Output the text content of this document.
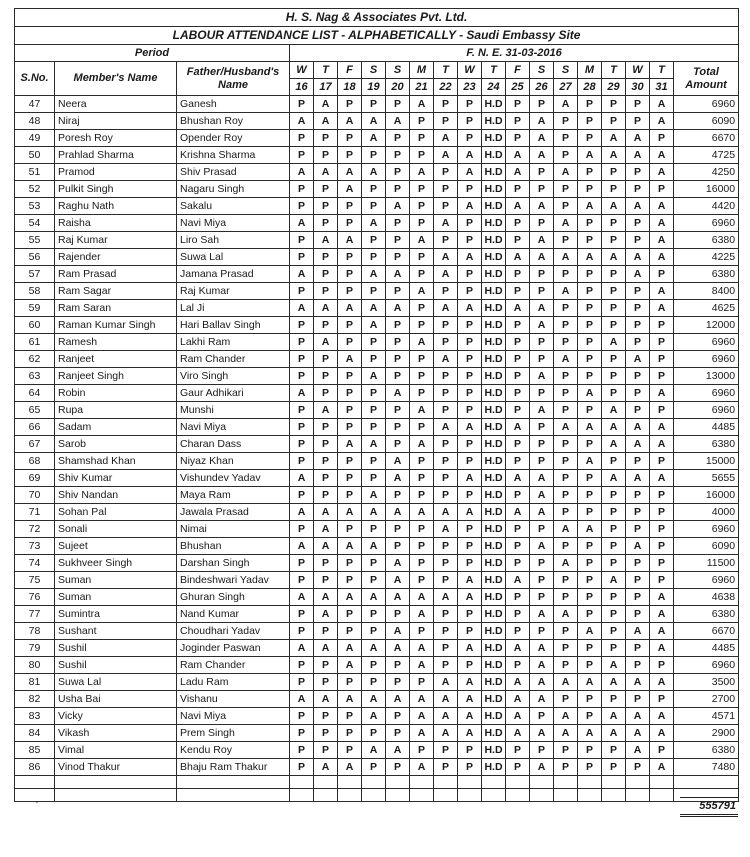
H. S. Nag & Associates Pvt. Ltd.																			
LABOUR ATTENDANCE LIST - ALPHABETICALLY - Saudi Embassy Site																			
Period			F. N. E. 31-03-2016																
S.No.	Member's Name	Father/Husband's Name	W	T	F	S	S	M	T	W	T	F	S	S	M	T	W	T	Total Amount
			16	17	18	19	20	21	22	23	24	25	26	27	28	29	30	31	
47	Neera	Ganesh	P	A	P	P	P	A	P	P	H.D	P	P	A	P	P	P	A	6960
48	Niraj	Bhushan Roy	A	A	A	A	A	P	P	P	H.D	P	A	P	P	P	P	A	6090
49	Poresh Roy	Opender Roy	P	P	P	A	P	P	A	P	H.D	P	A	P	P	A	A	P	6670
50	Prahlad Sharma	Krishna Sharma	P	P	P	P	P	P	A	A	H.D	A	A	P	A	A	A	A	4725
51	Pramod	Shiv Prasad	A	A	A	A	P	A	P	A	H.D	A	P	A	P	P	P	A	4250
52	Pulkit Singh	Nagaru Singh	P	P	A	P	P	P	P	P	H.D	P	P	P	P	P	P	P	16000
53	Raghu Nath	Sakalu	P	P	P	P	A	P	P	A	H.D	A	A	P	A	A	A	A	4420
54	Raisha	Navi Miya	A	P	P	A	P	P	A	P	H.D	P	P	A	P	P	P	A	6960
55	Raj Kumar	Liro Sah	P	A	A	P	P	A	P	P	H.D	P	A	P	P	P	P	A	6380
56	Rajender	Suwa Lal	P	P	P	P	P	P	A	A	H.D	A	A	A	A	A	A	A	4225
57	Ram Prasad	Jamana Prasad	A	P	P	A	A	P	A	P	H.D	P	P	P	P	P	A	P	6380
58	Ram Sagar	Raj Kumar	P	P	P	P	P	A	P	P	H.D	P	P	A	P	P	P	A	8400
59	Ram Saran	Lal Ji	A	A	A	A	A	P	A	A	H.D	A	A	P	P	P	P	A	4625
60	Raman Kumar Singh	Hari Ballav Singh	P	P	P	A	P	P	P	P	H.D	P	A	P	P	P	P	P	12000
61	Ramesh	Lakhi Ram	P	A	P	P	P	A	P	P	H.D	P	P	P	P	A	P	P	6960
62	Ranjeet	Ram Chander	P	P	A	P	P	P	A	P	H.D	P	P	A	P	P	A	P	6960
63	Ranjeet Singh	Viro Singh	P	P	P	A	P	P	P	P	H.D	P	A	P	P	P	P	P	13000
64	Robin	Gaur Adhikari	A	P	P	P	A	P	P	P	H.D	P	P	P	A	P	P	A	6960
65	Rupa	Munshi	P	A	P	P	P	A	P	P	H.D	P	A	P	P	A	P	P	6960
66	Sadam	Navi Miya	P	P	P	P	P	P	A	A	H.D	A	P	A	A	A	A	A	4485
67	Sarob	Charan Dass	P	P	A	A	P	A	P	P	H.D	P	P	P	P	A	A	A	6380
68	Shamshad Khan	Niyaz Khan	P	P	P	P	A	P	P	P	H.D	P	P	P	A	P	P	P	15000
69	Shiv Kumar	Vishundev Yadav	A	P	P	P	A	P	P	A	H.D	A	A	P	P	A	A	A	5655
70	Shiv Nandan	Maya Ram	P	P	P	A	P	P	P	P	H.D	P	A	P	P	P	P	P	16000
71	Sohan Pal	Jawala Prasad	A	A	A	A	A	A	A	A	H.D	A	A	P	P	P	P	P	4000
72	Sonali	Nimai	P	A	P	P	P	P	A	P	H.D	P	P	A	A	P	P	P	6960
73	Sujeet	Bhushan	A	A	A	A	P	P	P	P	H.D	P	A	P	P	P	A	P	6090
74	Sukhveer Singh	Darshan Singh	P	P	P	P	A	P	P	P	H.D	P	P	A	P	P	P	P	11500
75	Suman	Bindeshwari Yadav	P	P	P	P	A	P	P	A	H.D	A	P	P	P	A	P	P	6960
76	Suman	Ghuran Singh	A	A	A	A	A	A	A	A	H.D	P	P	P	P	P	P	A	4638
77	Sumintra	Nand Kumar	P	A	P	P	P	A	P	P	H.D	P	A	A	P	P	P	A	6380
78	Sushant	Choudhari Yadav	P	P	P	P	A	P	P	P	H.D	P	P	P	A	P	A	A	6670
79	Sushil	Joginder Paswan	A	A	A	A	A	A	P	A	H.D	A	A	P	P	P	P	A	4485
80	Sushil	Ram Chander	P	P	A	P	P	A	P	P	H.D	P	A	P	P	A	P	P	6960
81	Suwa Lal	Ladu Ram	P	P	P	P	P	P	A	A	H.D	A	A	A	A	A	A	A	3500
82	Usha Bai	Vishanu	A	A	A	A	A	A	A	A	H.D	A	A	P	P	P	P	P	2700
83	Vicky	Navi Miya	P	P	P	A	P	A	A	A	H.D	A	P	A	P	A	A	A	4571
84	Vikash	Prem Singh	P	P	P	P	P	A	A	A	H.D	A	A	A	A	A	A	A	2900
85	Vimal	Kendu Roy	P	P	P	A	A	P	P	P	H.D	P	P	P	P	P	A	P	6380
86	Vinod Thakur	Bhaju Ram Thakur	P	A	A	P	P	A	P	P	H.D	P	A	P	P	P	P	A	7480

555791
'
